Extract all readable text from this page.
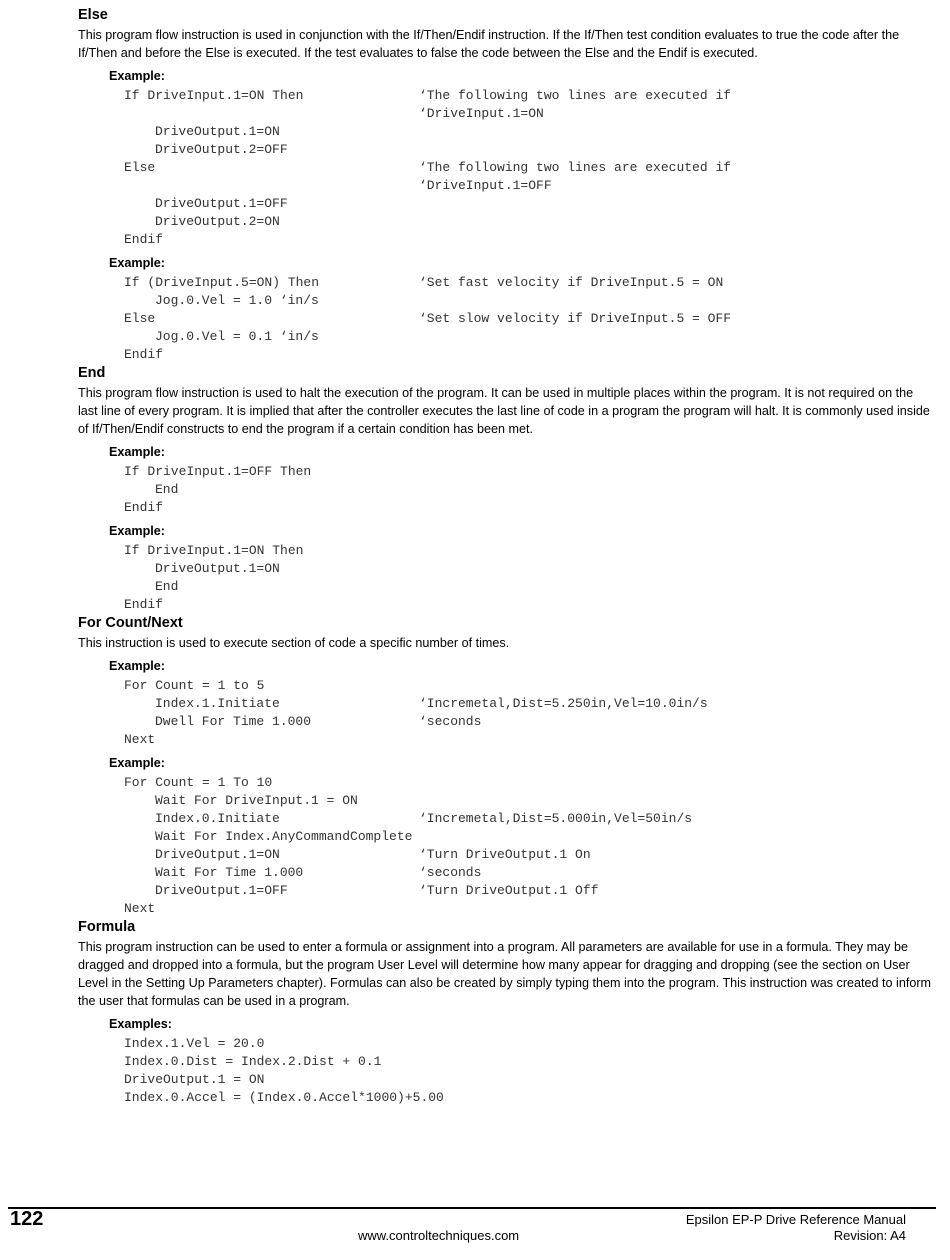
Else

This program flow instruction is used in conjunction with the If/Then/Endif instruction. If the If/Then test condition evaluates to true the code after the If/Then and before the Else is executed. If the test evaluates to false the code between the Else and the Endif is executed.

Example:
If DriveInput.1=ON Then	‘The following two lines are executed if
‘DriveInput.1=ON
DriveOutput.1=ON
DriveOutput.2=OFF
Else	‘The following two lines are executed if
‘DriveInput.1=OFF
DriveOutput.1=OFF
DriveOutput.2=ON
Endif
Example:
If (DriveInput.5=ON) Then	‘Set fast velocity if DriveInput.5 = ON
Jog.0.Vel = 1.0 ‘in/s
Else	‘Set slow velocity if DriveInput.5 = OFF
Jog.0.Vel = 0.1 ‘in/s
Endif
End

This program flow instruction is used to halt the execution of the program. It can be used in multiple places within the program. It is not required on the last line of every program. It is implied that after the controller executes the last line of code in a program the program will halt. It is commonly used inside of If/Then/Endif constructs to end the program if a certain condition has been met.

Example:
If DriveInput.1=OFF Then
End
Endif
Example:
If DriveInput.1=ON Then
DriveOutput.1=ON
End
Endif
For Count/Next

This instruction is used to execute section of code a specific number of times.

Example:
For Count = 1 to 5
Index.1.Initiate	‘Incremetal,Dist=5.250in,Vel=10.0in/s
Dwell For Time 1.000	‘seconds
Next
Example:
For Count = 1 To 10
Wait For DriveInput.1 = ON
Index.0.Initiate	‘Incremetal,Dist=5.000in,Vel=50in/s
Wait For Index.AnyCommandComplete
DriveOutput.1=ON	‘Turn DriveOutput.1 On
Wait For Time 1.000	‘seconds
DriveOutput.1=OFF	‘Turn DriveOutput.1 Off
Next
Formula

This program instruction can be used to enter a formula or assignment into a program. All parameters are available for use in a formula. They may be dragged and dropped into a formula, but the program User Level will determine how many appear for dragging and dropping (see the section on User Level in the Setting Up Parameters chapter). Formulas can also be created by simply typing them into the program. This instruction was created to inform the user that formulas can be used in a program.

Examples:
Index.1.Vel = 20.0
Index.0.Dist = Index.2.Dist + 0.1
DriveOutput.1 = ON
Index.0.Accel = (Index.0.Accel*1000)+5.00
122	Epsilon EP-P Drive Reference Manual
Revision: A4
www.controltechniques.com
